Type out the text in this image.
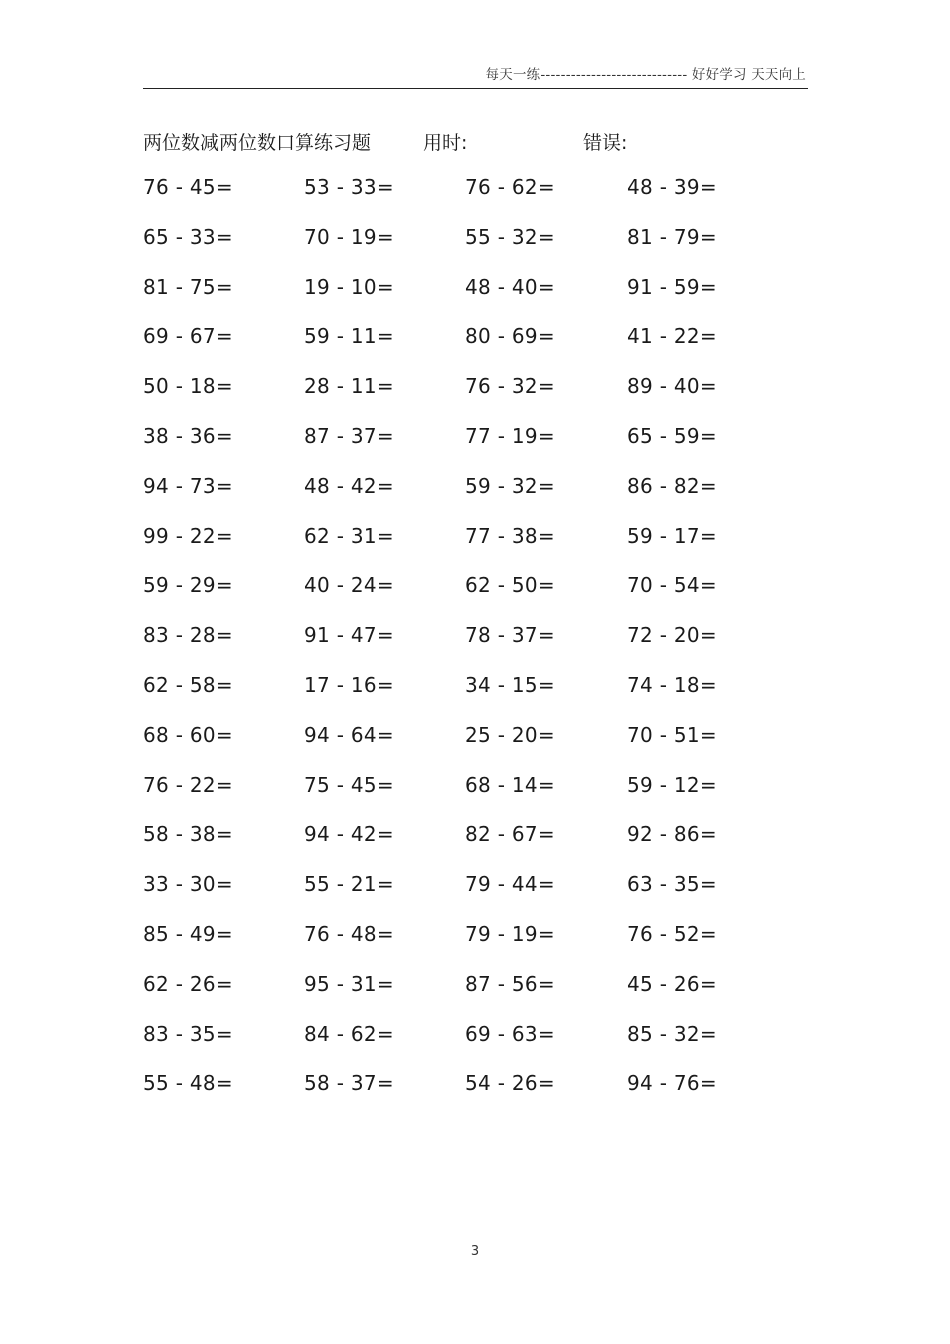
每天一练----------------------------- 好好学习 天天向上
两位数减两位数口算练习题	用时:	错误:
76 - 45=	53 - 33=	76 - 62=	48 - 39=
65 - 33=	70 - 19=	55 - 32=	81 - 79=
81 - 75=	19 - 10=	48 - 40=	91 - 59=
69 - 67=	59 - 11=	80 - 69=	41 - 22=
50 - 18=	28 - 11=	76 - 32=	89 - 40=
38 - 36=	87 - 37=	77 - 19=	65 - 59=
94 - 73=	48 - 42=	59 - 32=	86 - 82=
99 - 22=	62 - 31=	77 - 38=	59 - 17=
59 - 29=	40 - 24=	62 - 50=	70 - 54=
83 - 28=	91 - 47=	78 - 37=	72 - 20=
62 - 58=	17 - 16=	34 - 15=	74 - 18=
68 - 60=	94 - 64=	25 - 20=	70 - 51=
76 - 22=	75 - 45=	68 - 14=	59 - 12=
58 - 38=	94 - 42=	82 - 67=	92 - 86=
33 - 30=	55 - 21=	79 - 44=	63 - 35=
85 - 49=	76 - 48=	79 - 19=	76 - 52=
62 - 26=	95 - 31=	87 - 56=	45 - 26=
83 - 35=	84 - 62=	69 - 63=	85 - 32=
55 - 48=	58 - 37=	54 - 26=	94 - 76=
3
